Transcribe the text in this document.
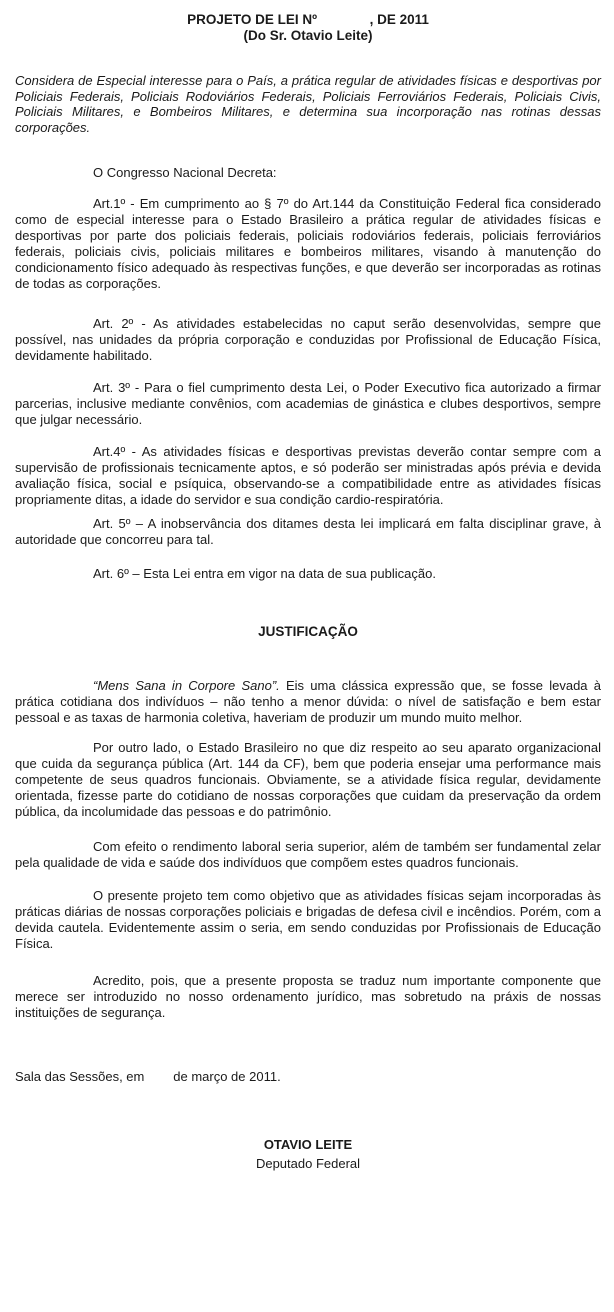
PROJETO DE LEI Nº              , DE 2011

(Do Sr. Otavio Leite)

Considera de Especial interesse para o País, a prática regular de atividades físicas e desportivas por Policiais Federais, Policiais Rodoviários Federais, Policiais Ferroviários Federais, Policiais Civis, Policiais Militares, e Bombeiros Militares, e determina sua incorporação nas rotinas dessas corporações.

O Congresso Nacional Decreta:

Art.1º - Em cumprimento ao § 7º do Art.144 da Constituição Federal fica considerado como de especial interesse para o Estado Brasileiro a prática regular de atividades físicas e desportivas por parte dos policiais federais, policiais rodoviários federais, policiais ferroviários federais, policiais civis, policiais militares e bombeiros militares, visando à manutenção do condicionamento físico adequado às respectivas funções, e que deverão ser incorporadas as rotinas de todas as corporações.

Art. 2º - As atividades estabelecidas no caput serão desenvolvidas, sempre que possível, nas unidades da própria corporação e conduzidas por Profissional de Educação Física, devidamente habilitado.

Art. 3º - Para o fiel cumprimento desta Lei, o Poder Executivo fica autorizado a firmar parcerias, inclusive mediante convênios, com academias de ginástica e clubes desportivos, sempre que julgar necessário.

Art.4º - As atividades físicas e desportivas previstas deverão contar sempre com a supervisão de profissionais tecnicamente aptos, e só poderão ser ministradas após prévia e devida avaliação física, social e psíquica, observando-se a compatibilidade entre as atividades físicas propriamente ditas, a idade do servidor e sua condição cardio-respiratória.

Art. 5º – A inobservância dos ditames desta lei implicará em falta disciplinar grave, à autoridade que concorreu para tal.

Art. 6º – Esta Lei entra em vigor na data de sua publicação.

JUSTIFICAÇÃO

“Mens Sana in Corpore Sano”. Eis uma clássica expressão que, se fosse levada à prática cotidiana dos indivíduos – não tenho a menor dúvida: o nível de satisfação e bem estar pessoal e as taxas de harmonia coletiva, haveriam de produzir um mundo muito melhor.

Por outro lado, o Estado Brasileiro no que diz respeito ao seu aparato organizacional que cuida da segurança pública (Art. 144 da CF), bem que poderia ensejar uma performance mais competente de seus quadros funcionais. Obviamente, se a atividade física regular, devidamente orientada, fizesse parte do cotidiano de nossas corporações que cuidam da preservação da ordem pública, da incolumidade das pessoas e do patrimônio.

Com efeito o rendimento laboral seria superior, além de também ser fundamental zelar pela qualidade de vida e saúde dos indivíduos que compõem estes quadros funcionais.

O presente projeto tem como objetivo que as atividades físicas sejam incorporadas às práticas diárias de nossas corporações policiais e brigadas de defesa civil e incêndios. Porém, com a devida cautela. Evidentemente assim o seria, em sendo conduzidas por Profissionais de Educação Física.

Acredito, pois, que a presente proposta se traduz num importante componente que merece ser introduzido no nosso ordenamento jurídico, mas sobretudo na práxis de nossas instituições de segurança.

Sala das Sessões, em        de março de 2011.

OTAVIO LEITE

Deputado Federal
